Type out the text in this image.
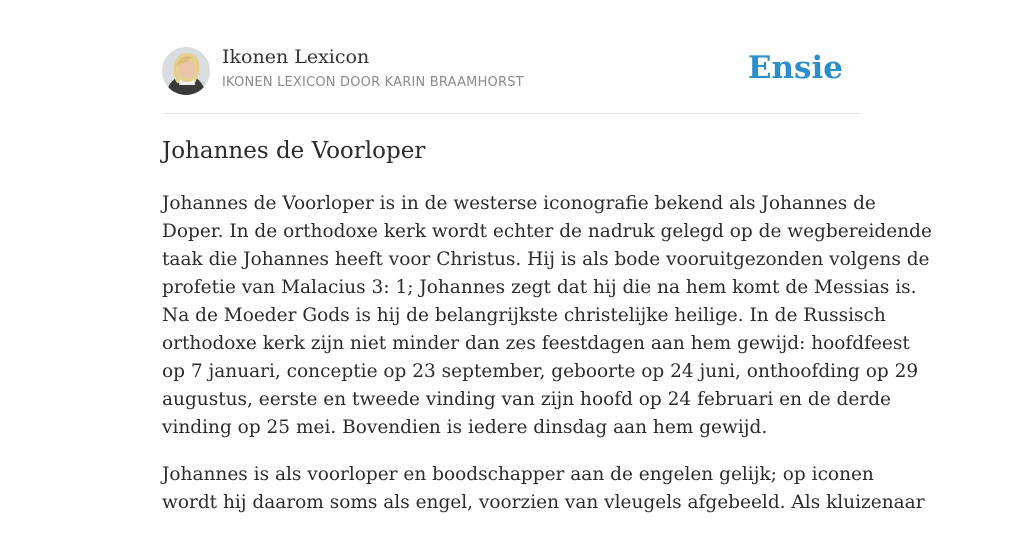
Ikonen Lexicon
IKONEN LEXICON DOOR KARIN BRAAMHORST	Ensie
Johannes de Voorloper

Johannes de Voorloper is in de westerse iconografie bekend als Johannes de
Doper. In de orthodoxe kerk wordt echter de nadruk gelegd op de wegbereidende
taak die Johannes heeft voor Christus. Hij is als bode vooruitgezonden volgens de
profetie van Malacius 3: 1; Johannes zegt dat hij die na hem komt de Messias is.
Na de Moeder Gods is hij de belangrijkste christelijke heilige. In de Russisch
orthodoxe kerk zijn niet minder dan zes feestdagen aan hem gewijd: hoofdfeest
op 7 januari, conceptie op 23 september, geboorte op 24 juni, onthoofding op 29
augustus, eerste en tweede vinding van zijn hoofd op 24 februari en de derde
vinding op 25 mei. Bovendien is iedere dinsdag aan hem gewijd.

Johannes is als voorloper en boodschapper aan de engelen gelijk; op iconen
wordt hij daarom soms als engel, voorzien van vleugels afgebeeld. Als kluizenaar
